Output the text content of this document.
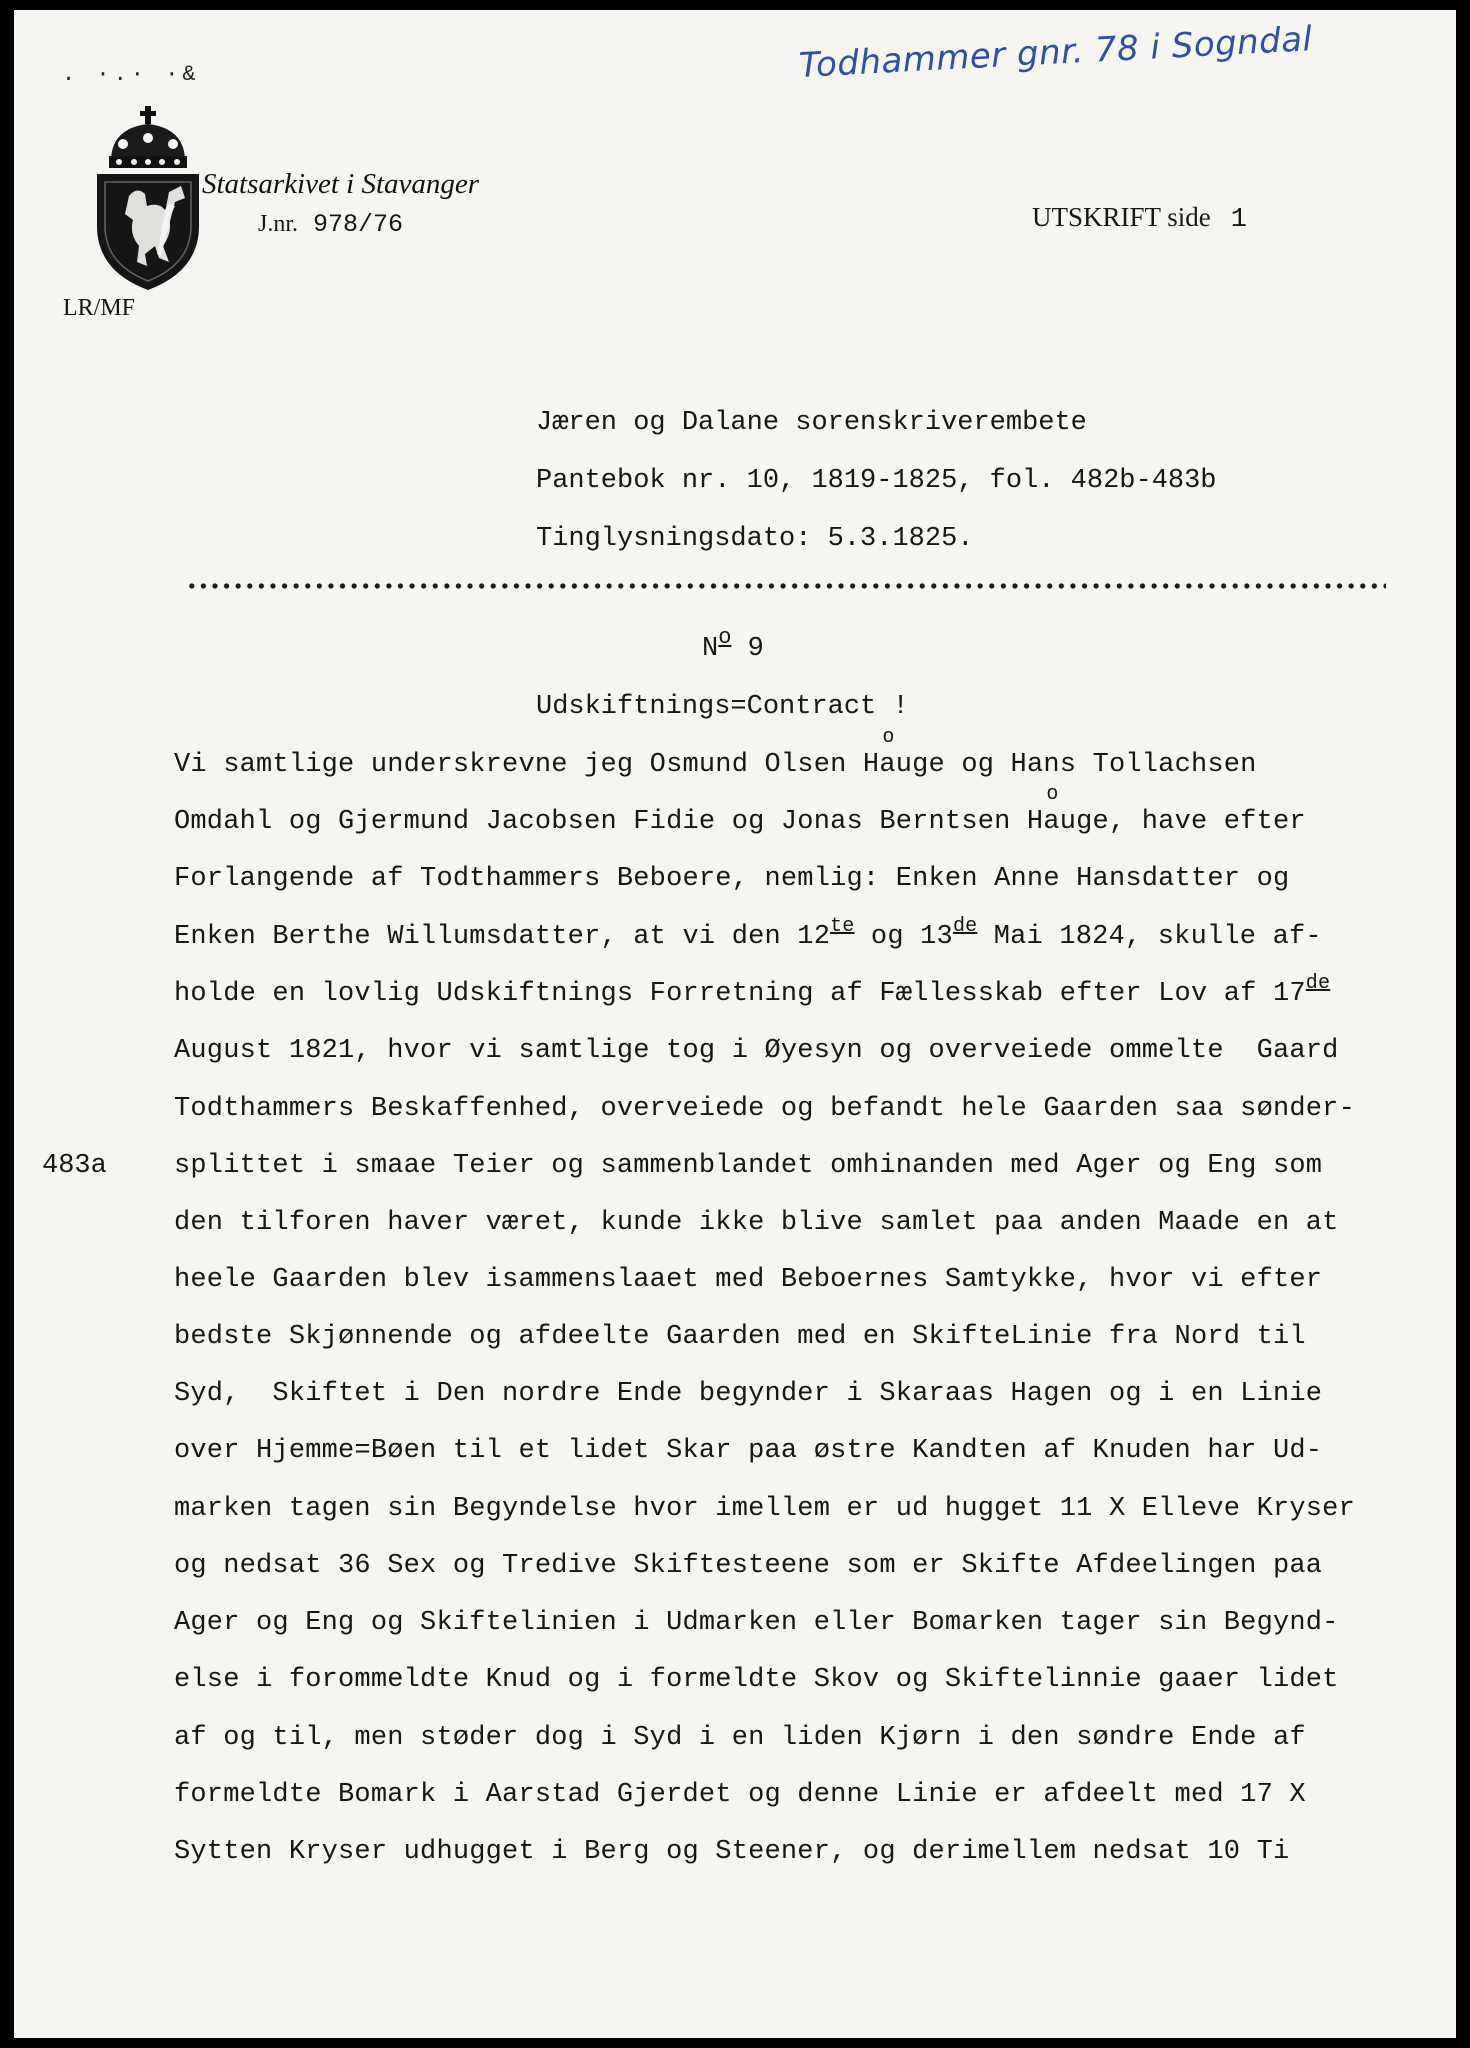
. ·.· ·&	Todhammer gnr. 78 i Sogndal
Statsarkivet i Stavanger
J.nr. 978/76	UTSKRIFT side 1
LR/MF
Jæren og Dalane sorenskriverembete
Pantebok nr. 10, 1819-1825, fol. 482b-483b
Tinglysningsdato: 5.3.1825.
$N^o$ 9
Udskiftnings=Contract !
483a
Vi samtlige underskrevne jeg Osmund Olsen Hauge og Hans Tollachsen o
Omdahl og Gjermund Jacobsen Fidie og Jonas Berntsen Hauge, have efter o
Forlangende af Todthammers Beboere, nemlig: Enken Anne Hansdatter og
Enken Berthe Willumsdatter, at vi den $12^{te}$ og 13de Mai 1824, skulle af-
holde en lovlig Udskiftnings Forretning af Fællesskab efter Lov af 17de
August 1821, hvor vi samtlige tog i Øyesyn og overveiede ommelte  Gaard
Todthammers Beskaffenhed, overveiede og befandt hele Gaarden saa sønder-
splittet i smaae Teier og sammenblandet omhinanden med Ager og Eng som
den tilforen haver været, kunde ikke blive samlet paa anden Maade en at
heele Gaarden blev isammenslaaet med Beboernes Samtykke, hvor vi efter
bedste Skjønnende og afdeelte Gaarden med en SkifteLinie fra Nord til
Syd,  Skiftet i Den nordre Ende begynder i Skaraas Hagen og i en Linie
over Hjemme=Bøen til et lidet Skar paa østre Kandten af Knuden har Ud-
marken tagen sin Begyndelse hvor imellem er ud hugget 11 X Elleve Kryser
og nedsat 36 Sex og Tredive Skiftesteene som er Skifte Afdeelingen paa
Ager og Eng og Skiftelinien i Udmarken eller Bomarken tager sin Begynd-
else i forommeldte Knud og i formeldte Skov og Skiftelinnie gaaer lidet
af og til, men støder dog i Syd i en liden Kjørn i den søndre Ende af
formeldte Bomark i Aarstad Gjerdet og denne Linie er afdeelt med 17 X
Sytten Kryser udhugget i Berg og Steener, og derimellem nedsat 10 Ti
